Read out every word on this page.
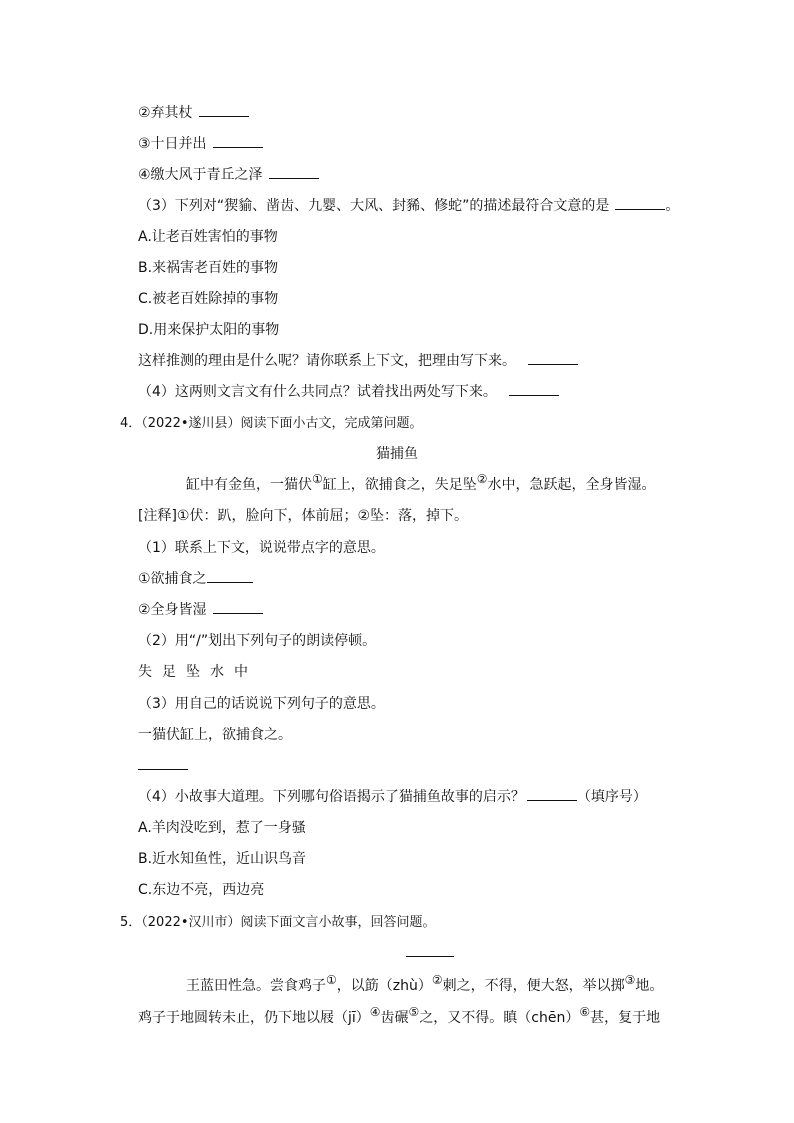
②弃其杖
③十日并出
④缴大风于青丘之泽
（3）下列对“猰貐、凿齿、九婴、大风、封豨、修蛇”的描述最符合文意的是	。
A.让老百姓害怕的事物
B.来祸害老百姓的事物
C.被老百姓除掉的事物
D.用来保护太阳的事物
这样推测的理由是什么呢？请你联系上下文，把理由写下来。
（4）这两则文言文有什么共同点？试着找出两处写下来。
4．（2022•遂川县）阅读下面小古文，完成第问题。
猫捕鱼
缸中有金鱼，一猫伏①缸上，欲捕食之，失足坠②水中，急跃起，全身皆湿。
[注释]①伏：趴，脸向下，体前屈；②坠：落，掉下。
（1）联系上下文，说说带点字的意思。
①欲捕食之
②全身皆湿
（2）用“/”划出下列句子的朗读停顿。
失 足 坠 水 中
（3）用自己的话说说下列句子的意思。
一猫伏缸上，欲捕食之。
（4）小故事大道理。下列哪句俗语揭示了猫捕鱼故事的启示？	（填序号）
A.羊肉没吃到，惹了一身骚
B.近水知鱼性，近山识鸟音
C.东边不亮，西边亮
5．（2022•汉川市）阅读下面文言小故事，回答问题。
王蓝田性急。尝食鸡子①，以筯（zhù）②刺之，不得，便大怒，举以掷③地。
鸡子于地圆转未止，仍下地以屐（jī）④齿碾⑤之，又不得。瞋（chēn）⑥甚，复于地
